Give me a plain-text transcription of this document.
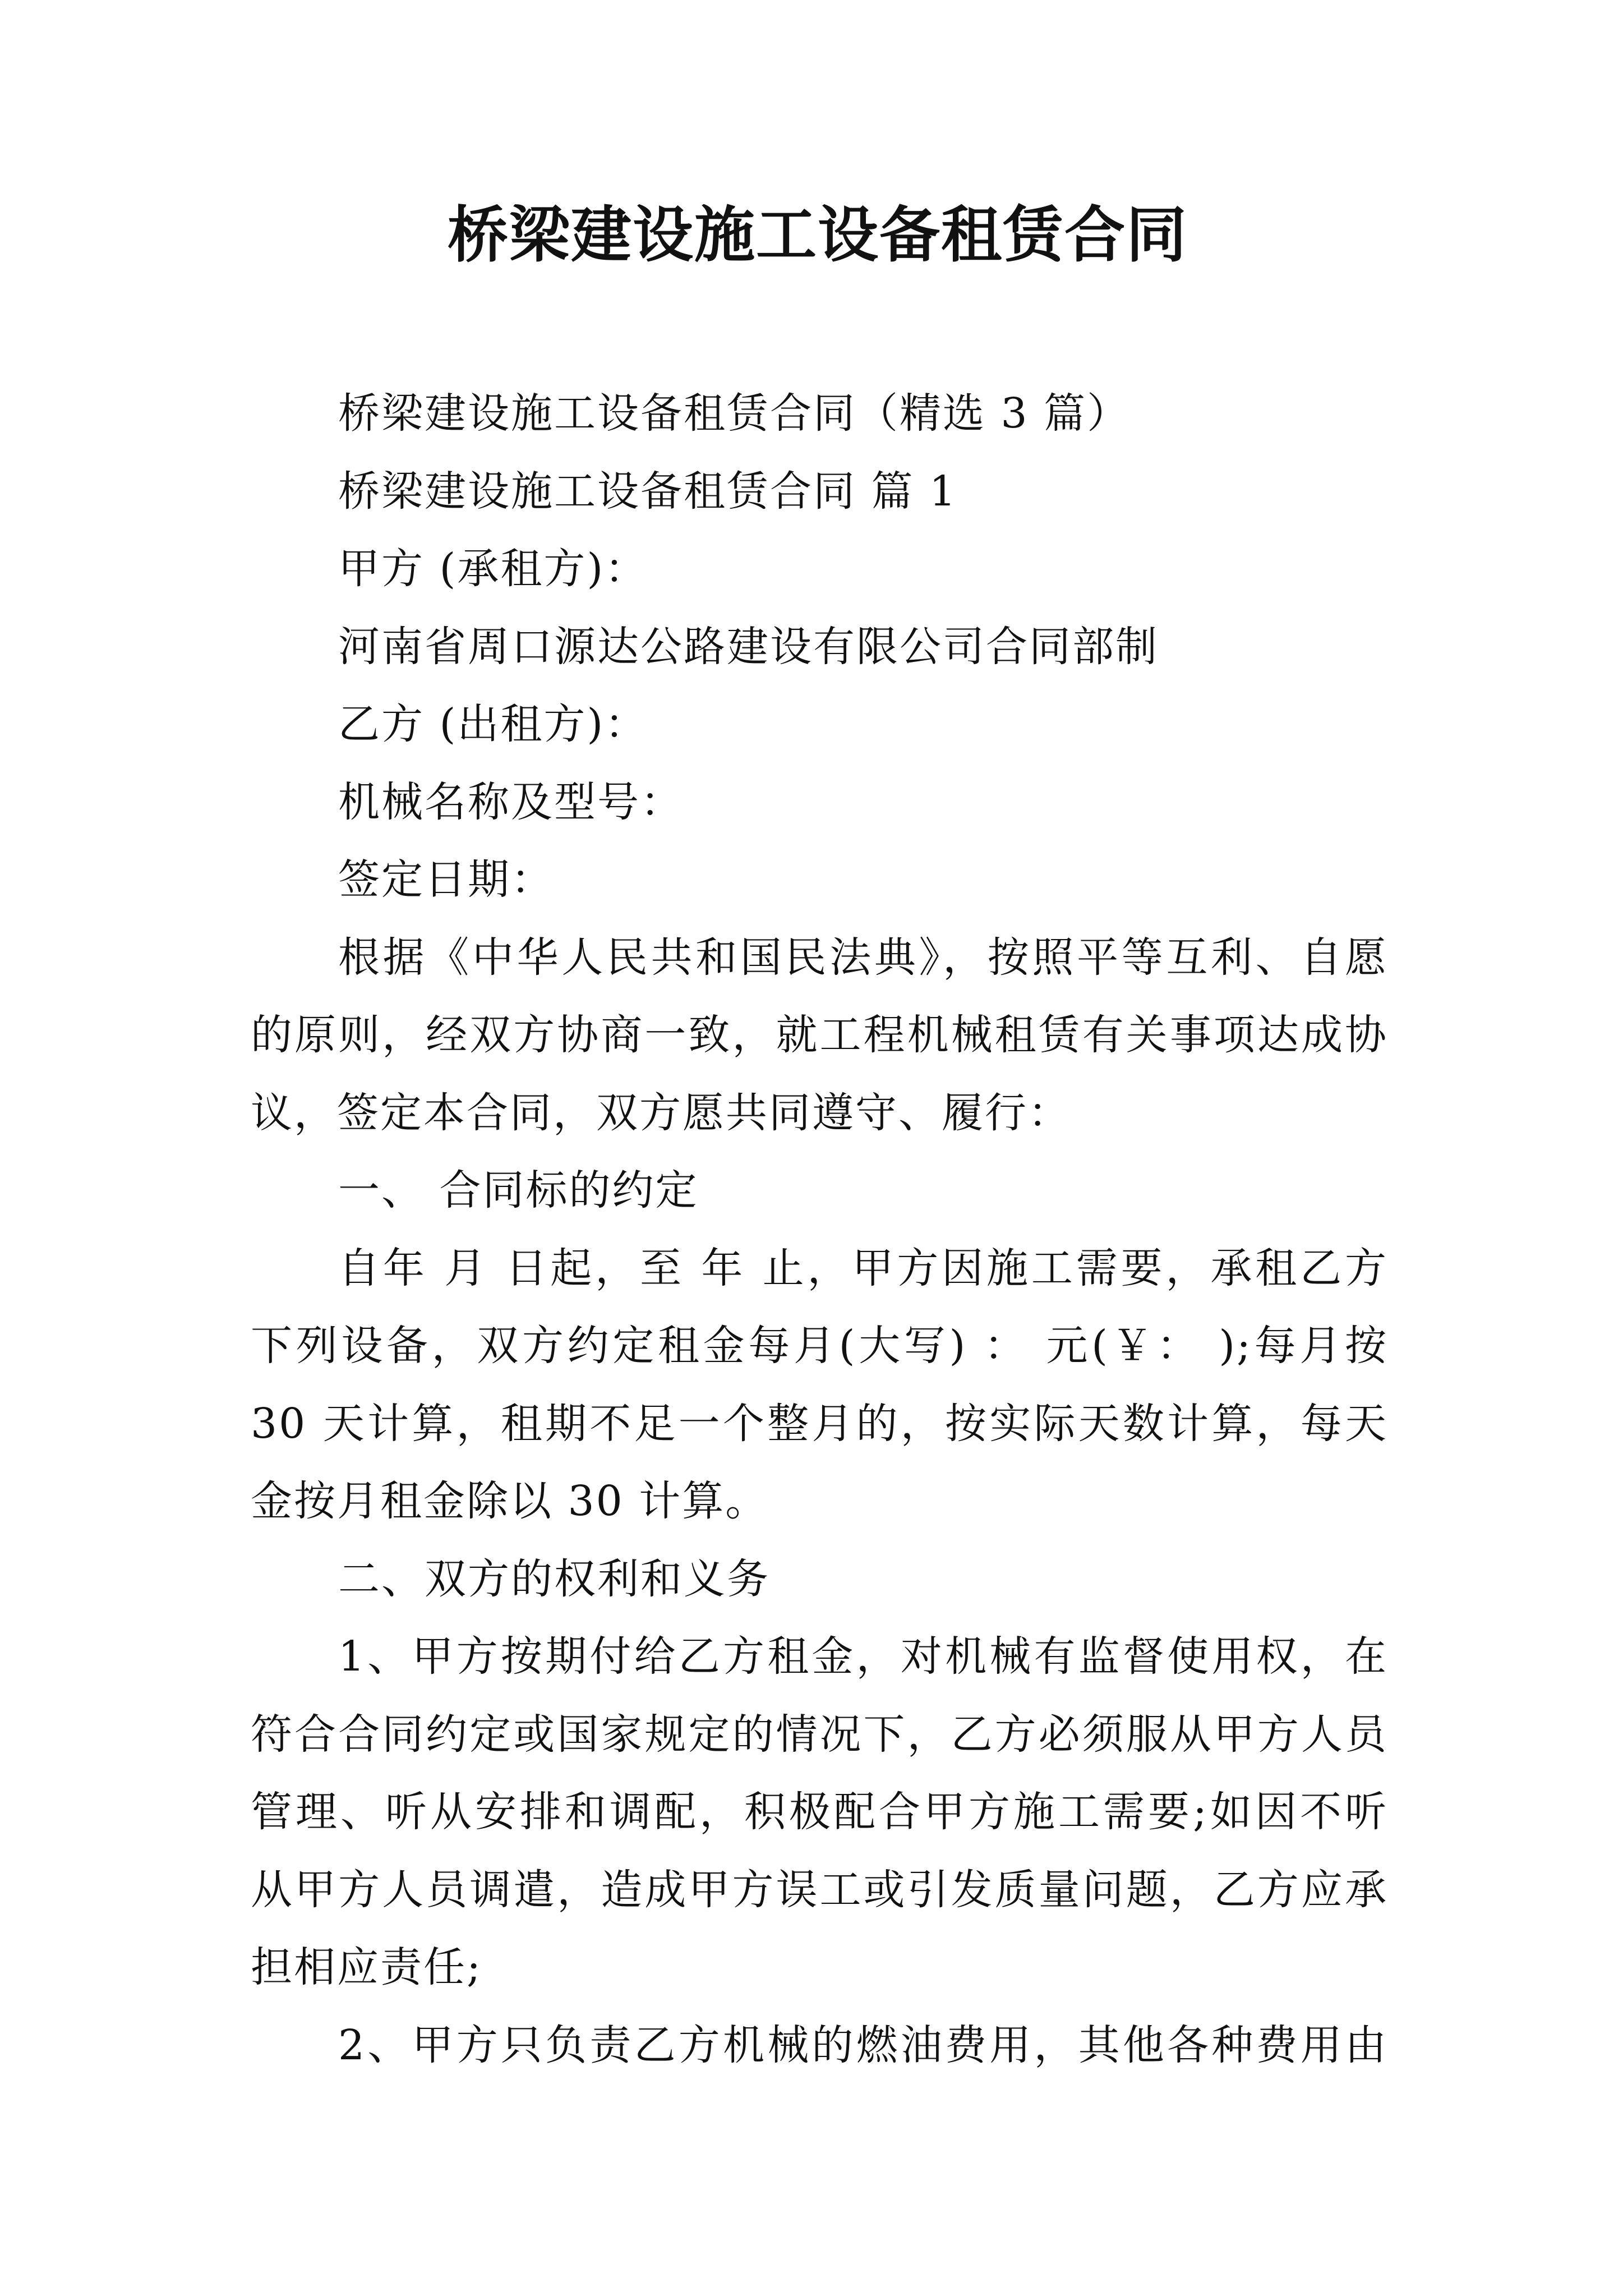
桥梁建设施工设备租赁合同
桥梁建设施工设备租赁合同（精选 3 篇）
桥梁建设施工设备租赁合同 篇 1
甲方 (承租方)：
河南省周口源达公路建设有限公司合同部制
乙方 (出租方)：
机械名称及型号：
签定日期：
根据《中华人民共和国民法典》，按照平等互利、自愿
的原则，经双方协商一致，就工程机械租赁有关事项达成协
议，签定本合同，双方愿共同遵守、履行：
一、 合同标的约定
自年 月 日起，至 年 止，甲方因施工需要，承租乙方
下列设备，双方约定租金每月(大写) ： 元(￥： );每月按
30 天计算，租期不足一个整月的，按实际天数计算，每天
金按月租金除以 30 计算。
二、双方的权利和义务
1、甲方按期付给乙方租金，对机械有监督使用权，在
符合合同约定或国家规定的情况下，乙方必须服从甲方人员
管理、听从安排和调配，积极配合甲方施工需要;如因不听
从甲方人员调遣，造成甲方误工或引发质量问题，乙方应承
担相应责任;
2、甲方只负责乙方机械的燃油费用，其他各种费用由
